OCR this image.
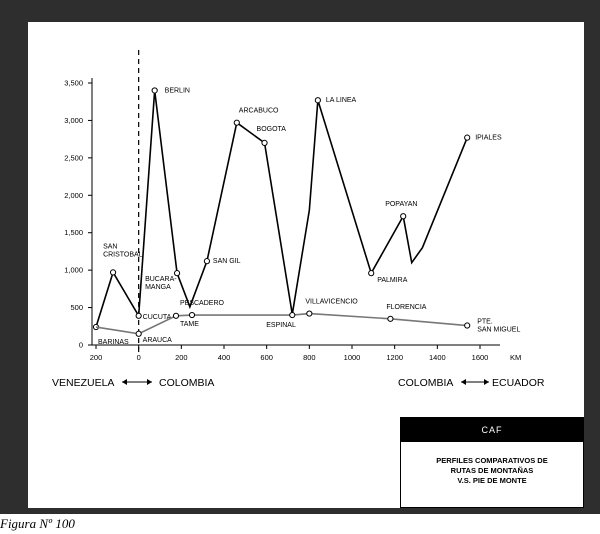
0
500
1,000
1,500
2,000
2,500
3,000
3,500
200	0	200	400	600	800	1000	1200	1400	1600	KM
BARINAS
SAN
CRISTOBAL
CUCUTA
BERLIN
BUCARA-
MANGA
SAN GIL
ARCABUCO
BOGOTA
LA LINEA
PALMIRA
POPAYAN
IPIALES
ARAUCA
TAME
PESCADERO
ESPINAL
VILLAVICENCIO
FLORENCIA
PTE.
SAN MIGUEL
VENEZUELA	COLOMBIA	COLOMBIA	ECUADOR
CAF
PERFILES COMPARATIVOS DE
RUTAS DE MONTAÑAS
V.S. PIE DE MONTE
Figura Nº 100
